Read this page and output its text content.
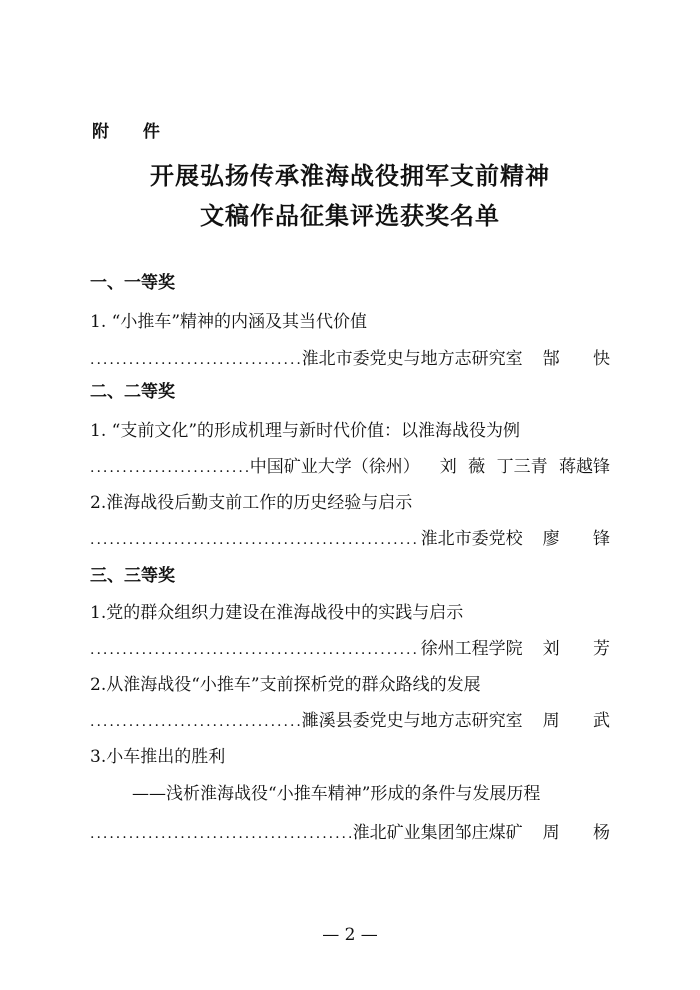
附 件
开展弘扬传承淮海战役拥军支前精神
文稿作品征集评选获奖名单
一、一等奖
1. “小推车”精神的内涵及其当代价值
.....
淮北市委党史与地方志研究室 郜 快
二、二等奖
1. “支前文化”的形成机理与新时代价值：以淮海战役为例
.....
中国矿业大学（徐州） 刘 薇 丁三青 蒋越锋
2.淮海战役后勤支前工作的历史经验与启示
.....
淮北市委党校 廖 锋
三、三等奖
1.党的群众组织力建设在淮海战役中的实践与启示
.....
徐州工程学院 刘 芳
2.从淮海战役“小推车”支前探析党的群众路线的发展
.....
濉溪县委党史与地方志研究室 周 武
3.小车推出的胜利
——浅析淮海战役“小推车精神”形成的条件与发展历程
.....
淮北矿业集团邹庄煤矿 周 杨
— 2 —
